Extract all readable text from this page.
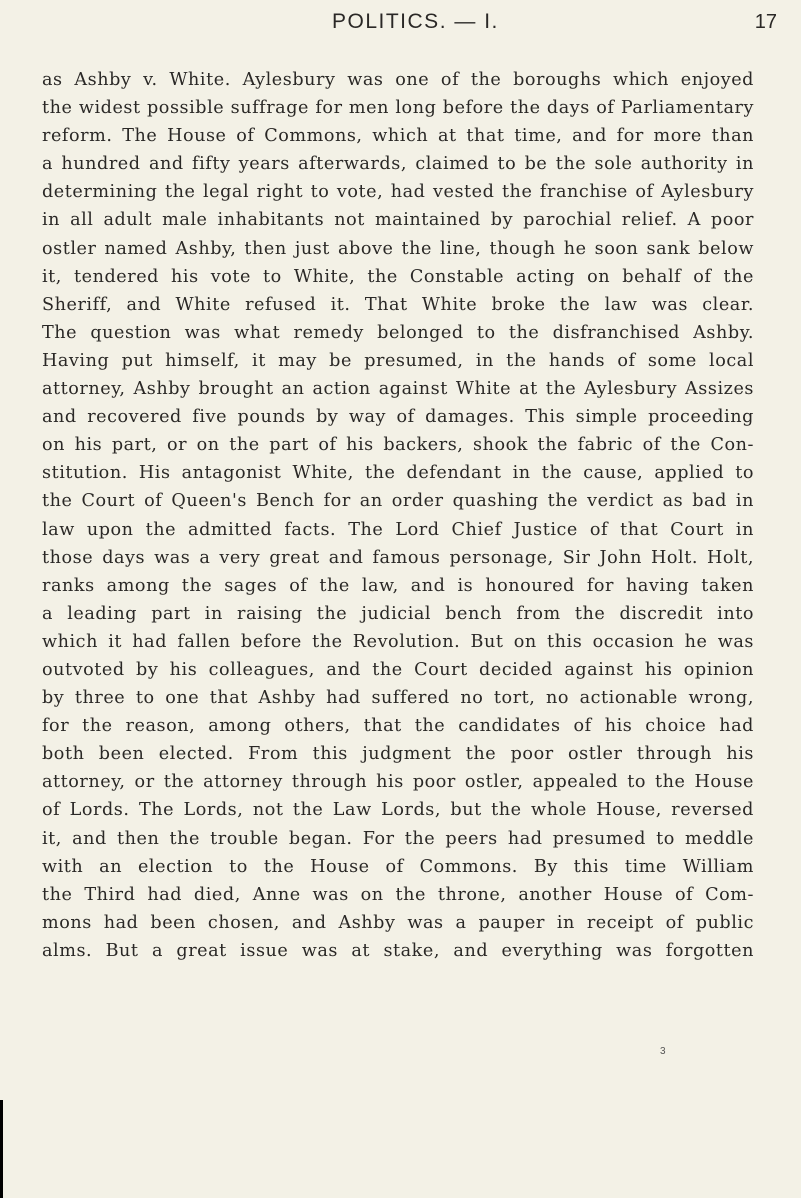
POLITICS. — I.	17
as Ashby v. White. Aylesbury was one of the boroughs which enjoyed
the widest possible suffrage for men long before the days of Parliamentary
reform. The House of Commons, which at that time, and for more than
a hundred and fifty years afterwards, claimed to be the sole authority in
determining the legal right to vote, had vested the franchise of Aylesbury
in all adult male inhabitants not maintained by parochial relief. A poor
ostler named Ashby, then just above the line, though he soon sank below
it, tendered his vote to White, the Constable acting on behalf of the
Sheriff, and White refused it. That White broke the law was clear.
The question was what remedy belonged to the disfranchised Ashby.
Having put himself, it may be presumed, in the hands of some local
attorney, Ashby brought an action against White at the Aylesbury Assizes
and recovered five pounds by way of damages. This simple proceeding
on his part, or on the part of his backers, shook the fabric of the Con-
stitution. His antagonist White, the defendant in the cause, applied to
the Court of Queen's Bench for an order quashing the verdict as bad in
law upon the admitted facts. The Lord Chief Justice of that Court in
those days was a very great and famous personage, Sir John Holt. Holt,
ranks among the sages of the law, and is honoured for having taken
a leading part in raising the judicial bench from the discredit into
which it had fallen before the Revolution. But on this occasion he was
outvoted by his colleagues, and the Court decided against his opinion
by three to one that Ashby had suffered no tort, no actionable wrong,
for the reason, among others, that the candidates of his choice had
both been elected. From this judgment the poor ostler through his
attorney, or the attorney through his poor ostler, appealed to the House
of Lords. The Lords, not the Law Lords, but the whole House, reversed
it, and then the trouble began. For the peers had presumed to meddle
with an election to the House of Commons. By this time William
the Third had died, Anne was on the throne, another House of Com-
mons had been chosen, and Ashby was a pauper in receipt of public
alms. But a great issue was at stake, and everything was forgotten
3
